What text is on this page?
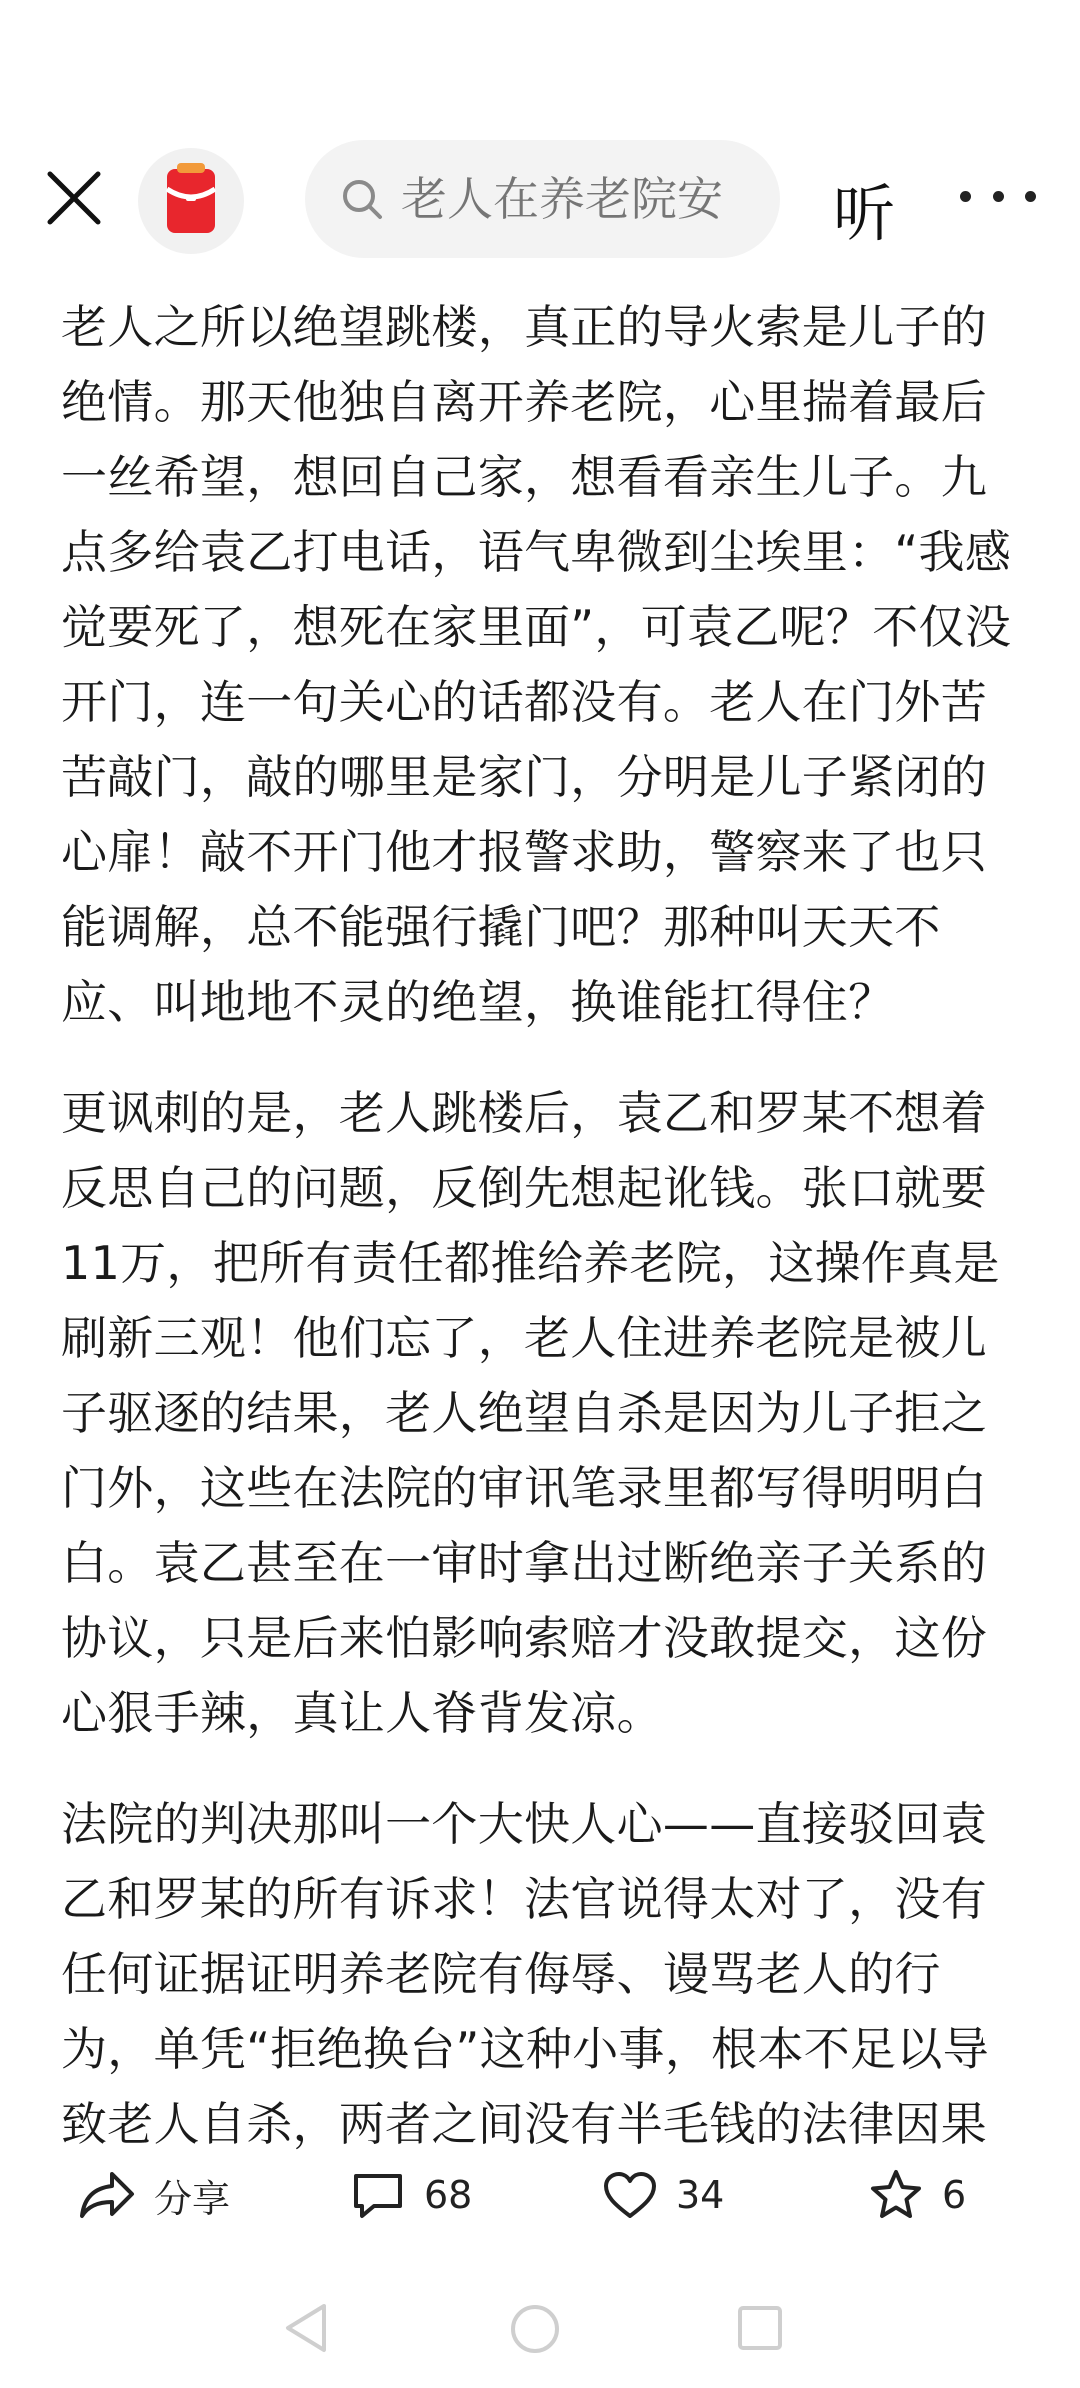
老人在养老院安
听

老人之所以绝望跳楼，真正的导火索是儿子的绝情。那天他独自离开养老院，心里揣着最后一丝希望，想回自己家，想看看亲生儿子。九点多给袁乙打电话，语气卑微到尘埃里：“我感觉要死了，想死在家里面”，可袁乙呢？不仅没开门，连一句关心的话都没有。老人在门外苦苦敲门，敲的哪里是家门，分明是儿子紧闭的心扉！敲不开门他才报警求助，警察来了也只能调解，总不能强行撬门吧？那种叫天天不应、叫地地不灵的绝望，换谁能扛得住？

更讽刺的是，老人跳楼后，袁乙和罗某不想着反思自己的问题，反倒先想起讹钱。张口就要11万，把所有责任都推给养老院，这操作真是刷新三观！他们忘了，老人住进养老院是被儿子驱逐的结果，老人绝望自杀是因为儿子拒之门外，这些在法院的审讯笔录里都写得明明白白。袁乙甚至在一审时拿出过断绝亲子关系的协议，只是后来怕影响索赔才没敢提交，这份心狠手辣，真让人脊背发凉。

法院的判决那叫一个大快人心——直接驳回袁乙和罗某的所有诉求！法官说得太对了，没有任何证据证明养老院有侮辱、谩骂老人的行为，单凭“拒绝换台”这种小事，根本不足以导致老人自杀，两者之间没有半毛钱的法律因果

分享	68	34	6
